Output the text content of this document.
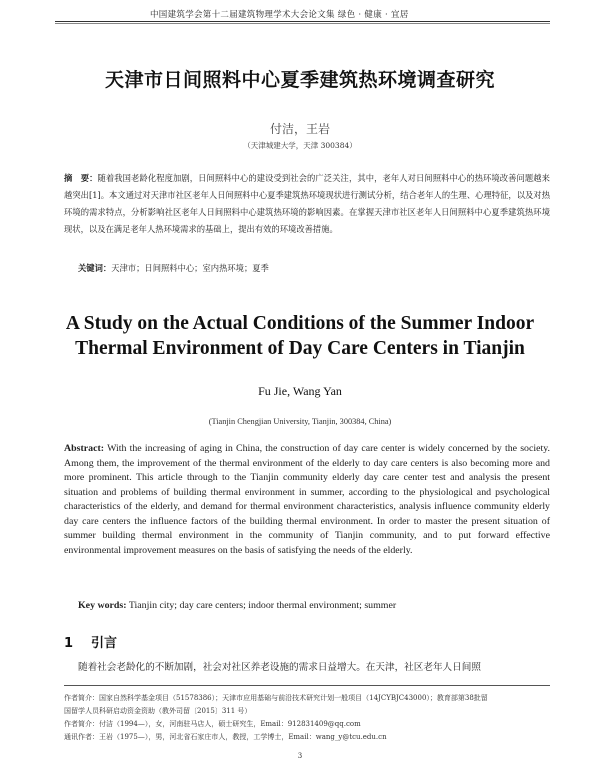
中国建筑学会第十二届建筑物理学术大会论文集 绿色 · 健康 · 宜居
天津市日间照料中心夏季建筑热环境调查研究
付洁，王岩
（天津城建大学，天津 300384）
摘　要：随着我国老龄化程度加剧，日间照料中心的建设受到社会的广泛关注，其中，老年人对日间照料中心的热环境改善问题越来越突出[1]。本文通过对天津市社区老年人日间照料中心夏季建筑热环境现状进行测试分析，结合老年人的生理、心理特征，以及对热环境的需求特点，分析影响社区老年人日间照料中心建筑热环境的影响因素。在掌握天津市社区老年人日间照料中心夏季建筑热环境现状，以及在满足老年人热环境需求的基础上，提出有效的环境改善措施。
关键词：天津市；日间照料中心；室内热环境；夏季
A Study on the Actual Conditions of the Summer Indoor
Thermal Environment of Day Care Centers in Tianjin
Fu Jie, Wang Yan
(Tianjin Chengjian University, Tianjin, 300384, China)
Abstract: With the increasing of aging in China, the construction of day care center is widely concerned by the society. Among them, the improvement of the thermal environment of the elderly to day care centers is also becoming more and more prominent. This article through to the Tianjin community elderly day care center test and analysis the present situation and problems of building thermal environment in summer, according to the physiological and psychological characteristics of the elderly, and demand for thermal environment characteristics, analysis influence community elderly day care centers the influence factors of the building thermal environment. In order to master the present situation of summer building thermal environment in the community of Tianjin community, and to put forward effective environmental improvement measures on the basis of satisfying the needs of the elderly.
Key words: Tianjin city; day care centers; indoor thermal environment; summer
1 引言
随着社会老龄化的不断加剧，社会对社区养老设施的需求日益增大。在天津，社区老年人日间照
作者简介：国家自然科学基金项目（51578386）；天津市应用基础与前沿技术研究计划一般项目（14JCYBJC43000）；教育部第38批留
国留学人员科研启动资金资助（教外司留〔2015〕311 号）
作者简介：付洁（1994—），女，河南驻马店人，硕士研究生，Email：912831409@qq.com
通讯作者：王岩（1975—），男，河北省石家庄市人，教授，工学博士，Email：wang_y@tcu.edu.cn
3
